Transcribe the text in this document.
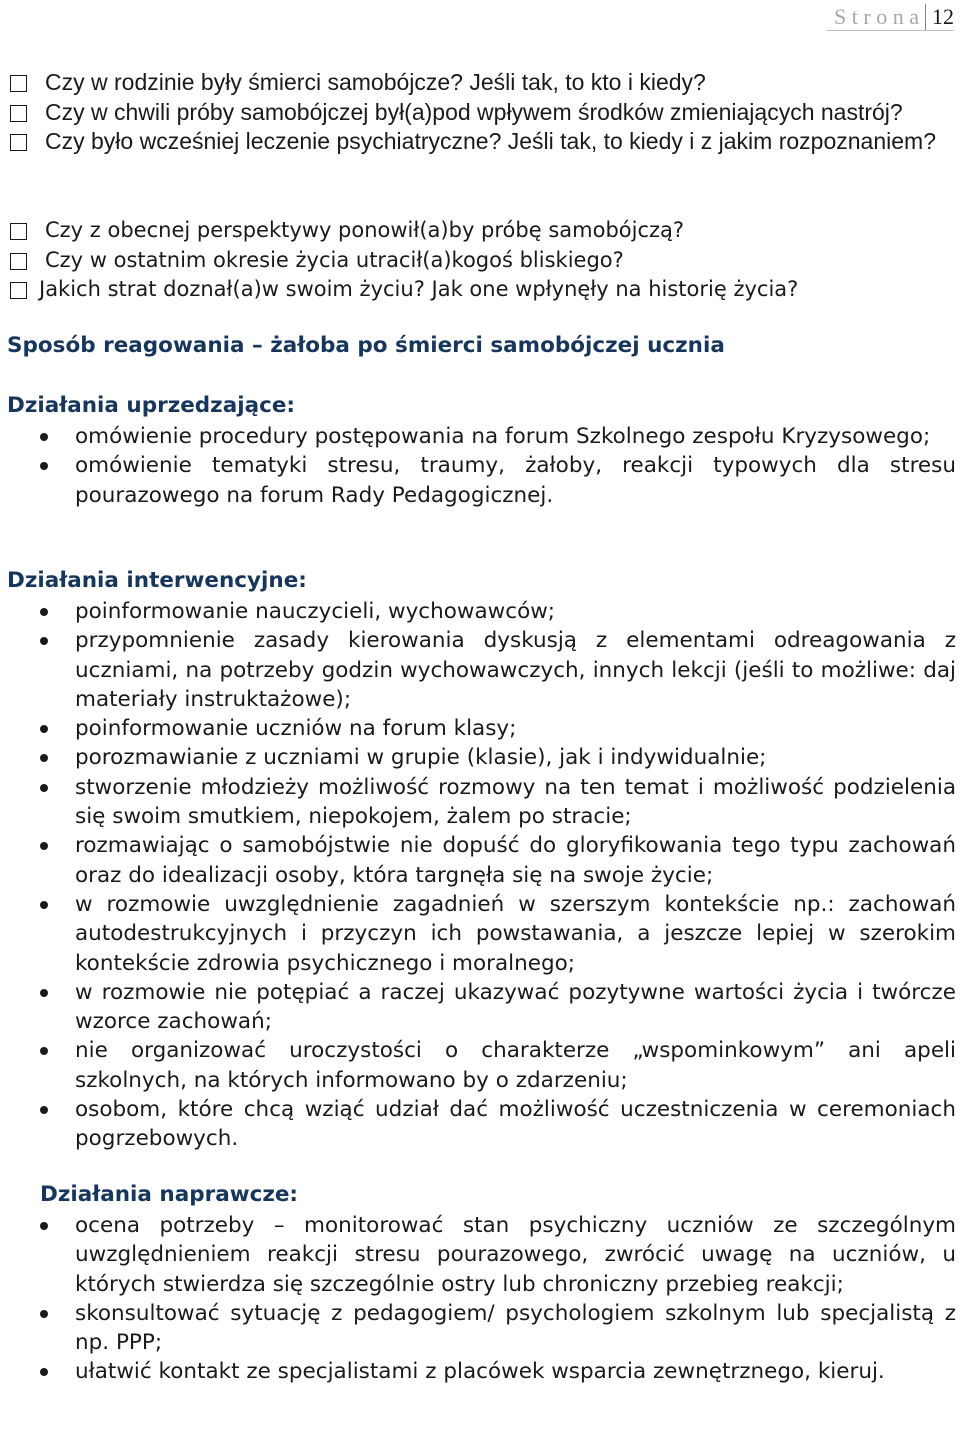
S t r o n a 12
Czy w rodzinie były śmierci samobójcze? Jeśli tak, to kto i kiedy?
Czy w chwili próby samobójczej był(a)pod wpływem środków zmieniających nastrój?
Czy było wcześniej leczenie psychiatryczne? Jeśli tak, to kiedy i z jakim rozpoznaniem?
Czy z obecnej perspektywy ponowił(a)by próbę samobójczą?
Czy w ostatnim okresie życia utracił(a)kogoś bliskiego?
Jakich strat doznał(a)w swoim życiu? Jak one wpłynęły na historię życia?
Sposób reagowania – żałoba po śmierci samobójczej ucznia
Działania uprzedzające:
omówienie procedury postępowania na forum Szkolnego zespołu Kryzysowego;
omówienie tematyki stresu, traumy, żałoby, reakcji typowych dla stresu pourazowego na forum Rady Pedagogicznej.
Działania interwencyjne:
poinformowanie nauczycieli, wychowawców;
przypomnienie zasady kierowania dyskusją z elementami odreagowania z uczniami, na potrzeby godzin wychowawczych, innych lekcji (jeśli to możliwe: daj materiały instruktażowe);
poinformowanie uczniów na forum klasy;
porozmawianie z uczniami w grupie (klasie), jak i indywidualnie;
stworzenie młodzieży możliwość rozmowy na ten temat i możliwość podzielenia się swoim smutkiem, niepokojem, żalem po stracie;
rozmawiając o samobójstwie nie dopuść do gloryfikowania tego typu zachowań oraz do idealizacji osoby, która targnęła się na swoje życie;
w rozmowie uwzględnienie zagadnień w szerszym kontekście np.: zachowań autodestrukcyjnych i przyczyn ich powstawania, a jeszcze lepiej w szerokim kontekście zdrowia psychicznego i moralnego;
w rozmowie nie potępiać a raczej ukazywać pozytywne wartości życia i twórcze wzorce zachowań;
nie organizować uroczystości o charakterze „wspominkowym” ani apeli szkolnych, na których informowano by o zdarzeniu;
osobom, które chcą wziąć udział dać możliwość uczestniczenia w ceremoniach pogrzebowych.
Działania naprawcze:
ocena potrzeby – monitorować stan psychiczny uczniów ze szczególnym uwzględnieniem reakcji stresu pourazowego, zwrócić uwagę na uczniów, u których stwierdza się szczególnie ostry lub chroniczny przebieg reakcji;
skonsultować sytuację z pedagogiem/ psychologiem szkolnym lub specjalistą z np. PPP;
ułatwić kontakt ze specjalistami z placówek wsparcia zewnętrznego, kieruj.
